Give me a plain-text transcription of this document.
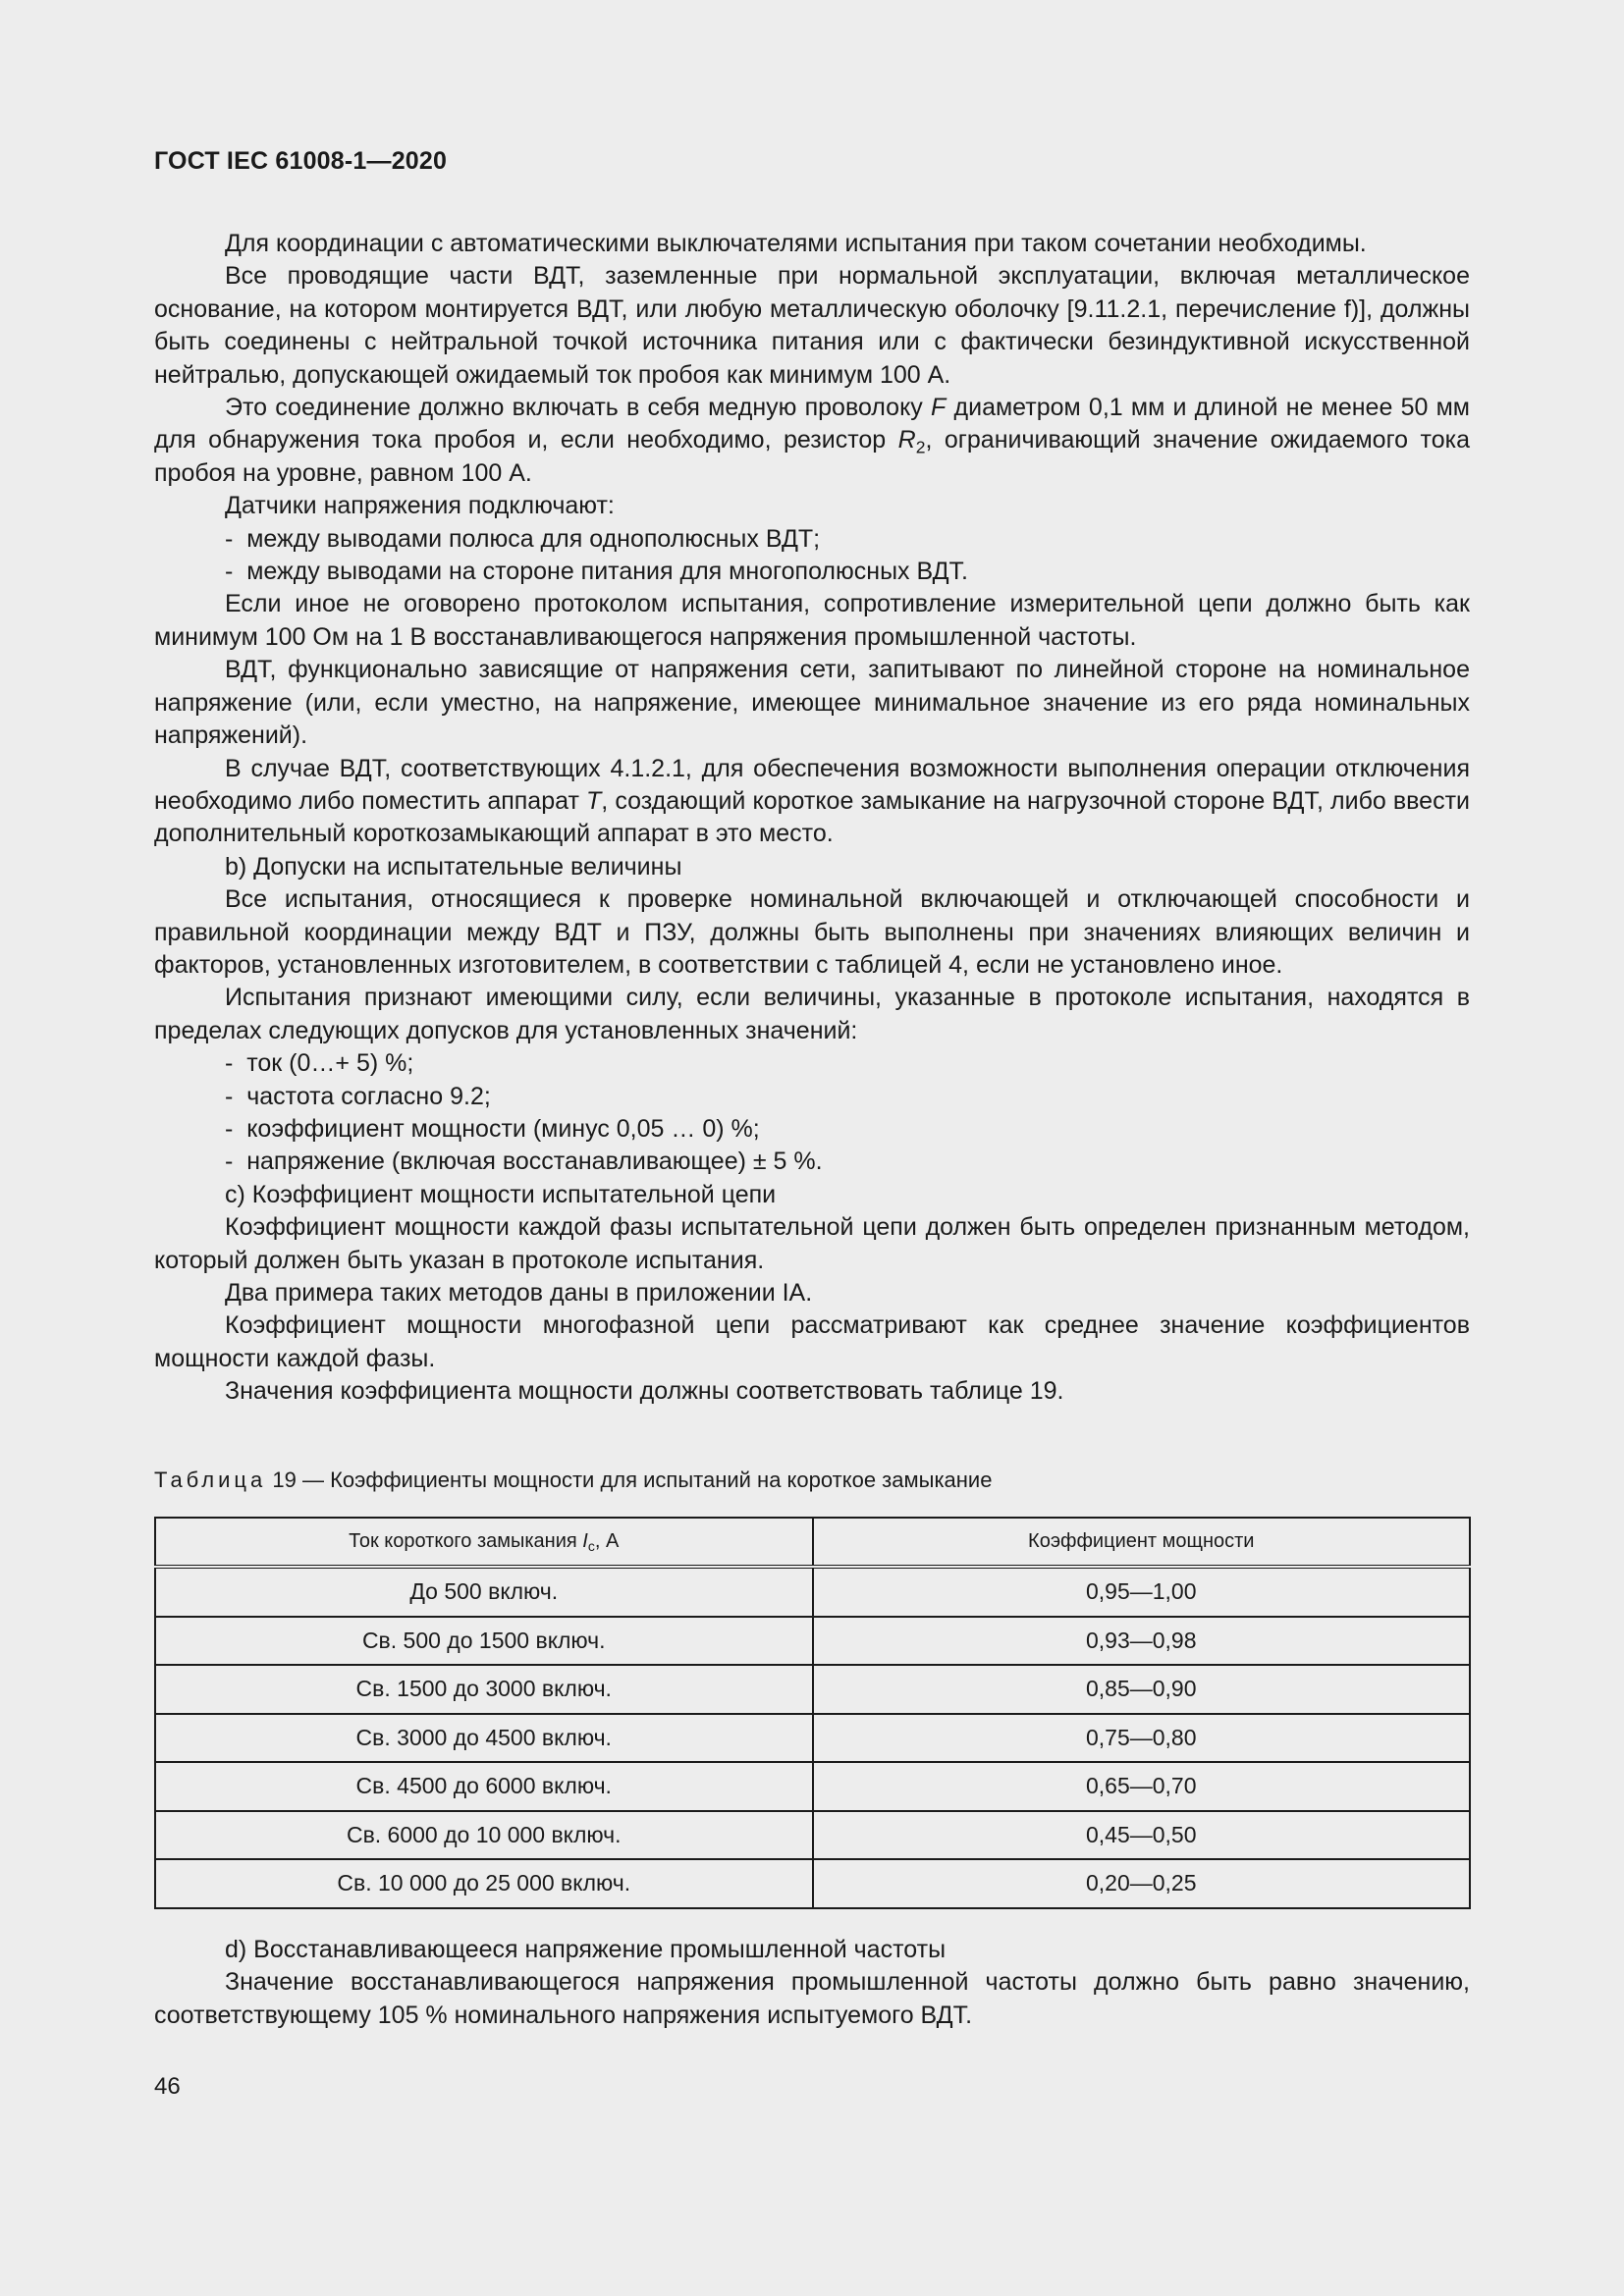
ГОСТ IEC 61008-1—2020

Для координации с автоматическими выключателями испытания при таком сочетании необходимы.

Все проводящие части ВДТ, заземленные при нормальной эксплуатации, включая металлическое основание, на котором монтируется ВДТ, или любую металлическую оболочку [9.11.2.1, перечисление f)], должны быть соединены с нейтральной точкой источника питания или с фактически безиндуктивной искусственной нейтралью, допускающей ожидаемый ток пробоя как минимум 100 А.

Это соединение должно включать в себя медную проволоку F диаметром 0,1 мм и длиной не менее 50 мм для обнаружения тока пробоя и, если необходимо, резистор $R_2$, ограничивающий значение ожидаемого тока пробоя на уровне, равном 100 А.

Датчики напряжения подключают:

-  между выводами полюса для однополюсных ВДТ;

-  между выводами на стороне питания для многополюсных ВДТ.

Если иное не оговорено протоколом испытания, сопротивление измерительной цепи должно быть как минимум 100 Ом на 1 В восстанавливающегося напряжения промышленной частоты.

ВДТ, функционально зависящие от напряжения сети, запитывают по линейной стороне на номинальное напряжение (или, если уместно, на напряжение, имеющее минимальное значение из его ряда номинальных напряжений).

В случае ВДТ, соответствующих 4.1.2.1, для обеспечения возможности выполнения операции отключения необходимо либо поместить аппарат T, создающий короткое замыкание на нагрузочной стороне ВДТ, либо ввести дополнительный короткозамыкающий аппарат в это место.

b) Допуски на испытательные величины

Все испытания, относящиеся к проверке номинальной включающей и отключающей способности и правильной координации между ВДТ и ПЗУ, должны быть выполнены при значениях влияющих величин и факторов, установленных изготовителем, в соответствии с таблицей 4, если не установлено иное.

Испытания признают имеющими силу, если величины, указанные в протоколе испытания, находятся в пределах следующих допусков для установленных значений:

-  ток (0…+ 5) %;

-  частота согласно 9.2;

-  коэффициент мощности (минус 0,05 … 0) %;

-  напряжение (включая восстанавливающее) ± 5 %.

c) Коэффициент мощности испытательной цепи

Коэффициент мощности каждой фазы испытательной цепи должен быть определен признанным методом, который должен быть указан в протоколе испытания.

Два примера таких методов даны в приложении IA.

Коэффициент мощности многофазной цепи рассматривают как среднее значение коэффициентов мощности каждой фазы.

Значения коэффициента мощности должны соответствовать таблице 19.

Таблица 19 — Коэффициенты мощности для испытаний на короткое замыкание
Ток короткого замыкания $I_c$, А	Коэффициент мощности
До 500 включ.	0,95—1,00
Св. 500 до 1500 включ.	0,93—0,98
Св. 1500 до 3000 включ.	0,85—0,90
Св. 3000 до 4500 включ.	0,75—0,80
Св. 4500 до 6000 включ.	0,65—0,70
Св. 6000 до 10 000 включ.	0,45—0,50
Св. 10 000 до 25 000 включ.	0,20—0,25

d) Восстанавливающееся напряжение промышленной частоты

Значение восстанавливающегося напряжения промышленной частоты должно быть равно значению, соответствующему 105 % номинального напряжения испытуемого ВДТ.

46
